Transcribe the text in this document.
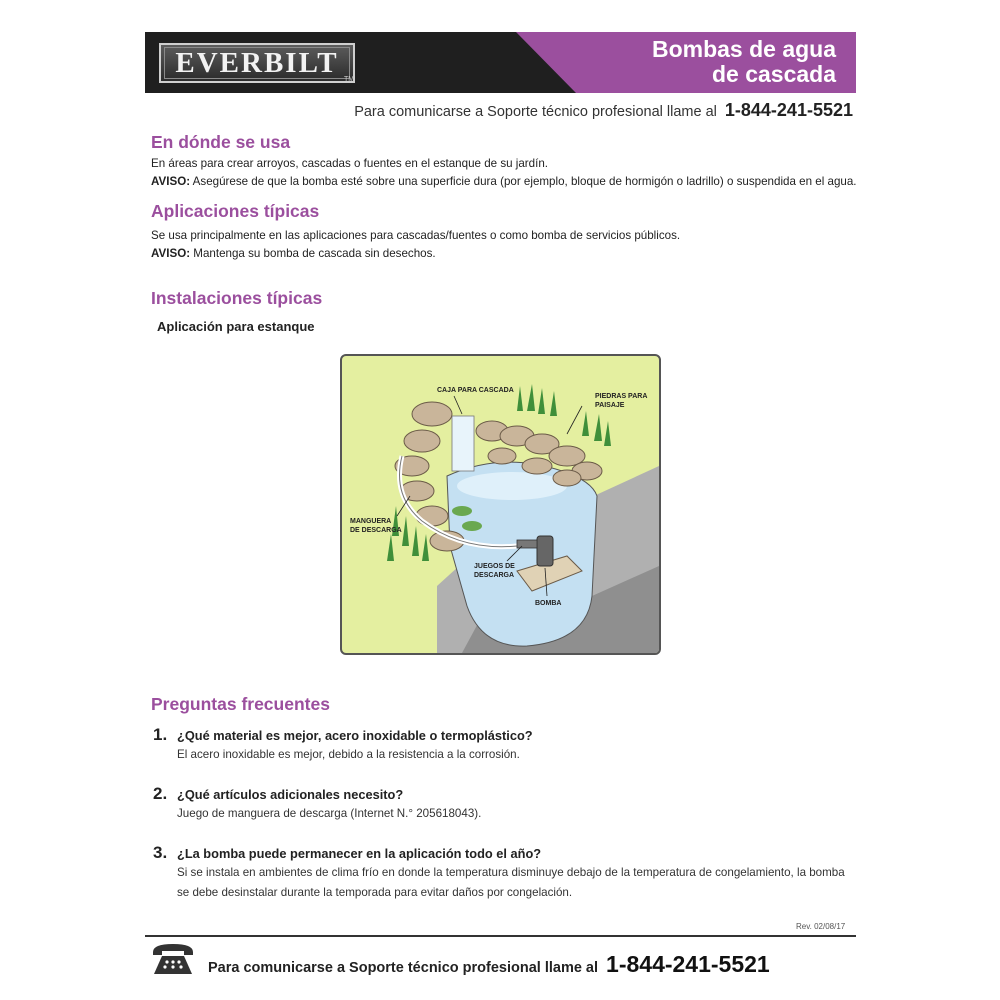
EVERBILT
TM
Bombas de agua
de cascada
Para comunicarse a Soporte técnico profesional llame al 1-844-241-5521
En dónde se usa
En áreas para crear arroyos, cascadas o fuentes en el estanque de su jardín.
AVISO: Asegúrese de que la bomba esté sobre una superficie dura (por ejemplo, bloque de hormigón o ladrillo) o suspendida en el agua.
Aplicaciones típicas
Se usa principalmente en las aplicaciones para cascadas/fuentes o como bomba de servicios públicos.
AVISO: Mantenga su bomba de cascada sin desechos.
Instalaciones típicas
Aplicación para estanque
CAJA PARA CASCADA
PIEDRAS PARA
PAISAJE
MANGUERA
DE DESCARGA
JUEGOS DE
DESCARGA
BOMBA
Preguntas frecuentes
1. ¿Qué material es mejor, acero inoxidable o termoplástico?
El acero inoxidable es mejor, debido a la resistencia a la corrosión.
2. ¿Qué artículos adicionales necesito?
Juego de manguera de descarga (Internet N.° 205618043).
3. ¿La bomba puede permanecer en la aplicación todo el año?
Si se instala en ambientes de clima frío en donde la temperatura disminuye debajo de la temperatura de congelamiento, la bomba
se debe desinstalar durante la temporada para evitar daños por congelación.
Rev. 02/08/17
Para comunicarse a Soporte técnico profesional llame al 1-844-241-5521
